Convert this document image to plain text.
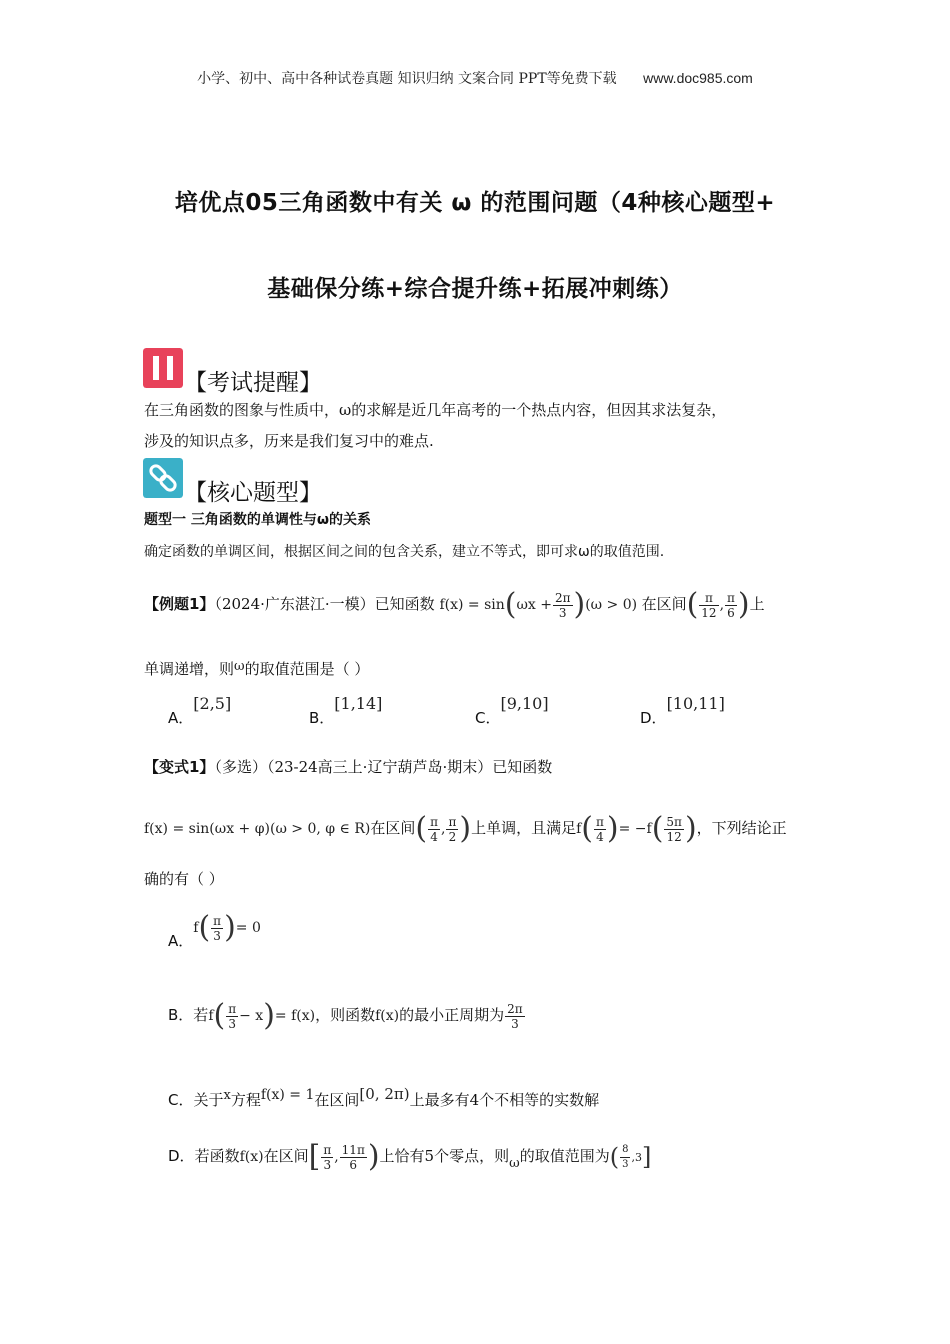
小学、初中、高中各种试卷真题 知识归纳 文案合同 PPT等免费下载 www.doc985.com
培优点05三角函数中有关 ω 的范围问题（4种核心题型+
基础保分练+综合提升练+拓展冲刺练）
【考试提醒】
在三角函数的图象与性质中，ω的求解是近几年高考的一个热点内容，但因其求法复杂，
涉及的知识点多，历来是我们复习中的难点.
【核心题型】
题型一 三角函数的单调性与ω的关系
确定函数的单调区间，根据区间之间的包含关系，建立不等式，即可求ω的取值范围.
【例题1】（2024·广东湛江·一模）已知函数 $f(x) = \sin(\omega x + \frac{2\pi}{3} )(\omega > 0)$ 在区间( $\frac{\pi}{12}$ , $\frac{\pi}{6}$ )上
单调递增，则ω的取值范围是（ ）
A．[2,5]
B．[1,14]
C．[9,10]
D．[10,11]
【变式1】（多选）（23-24高三上·辽宁葫芦岛·期末）已知函数
f(x) = sin(ωx + φ)(ω > 0, φ ∈ R)在区间( $\frac{\pi}{4}$ , $\frac{\pi}{2}$ )上单调，且满足$f( \frac{\pi}{4}$ )= $-f( \frac{5\pi}{12}$ )，下列结论正
确的有（ ）
A．$f( \frac{\pi}{3}$ )= 0
B．若$f( \frac{\pi}{3} - x)= f(x)$，则函数f(x)的最小正周期为 $\frac{2\pi}{3}$
C．关于x方程f(x) = 1在区间[0, 2π)上最多有4个不相等的实数解
D．若函数f(x)在区间[ $\frac{\pi}{3}$ , $\frac{11\pi}{6}$ )上恰有5个零点，则ω的取值范围为( $\frac{8}{3} ,3$]
